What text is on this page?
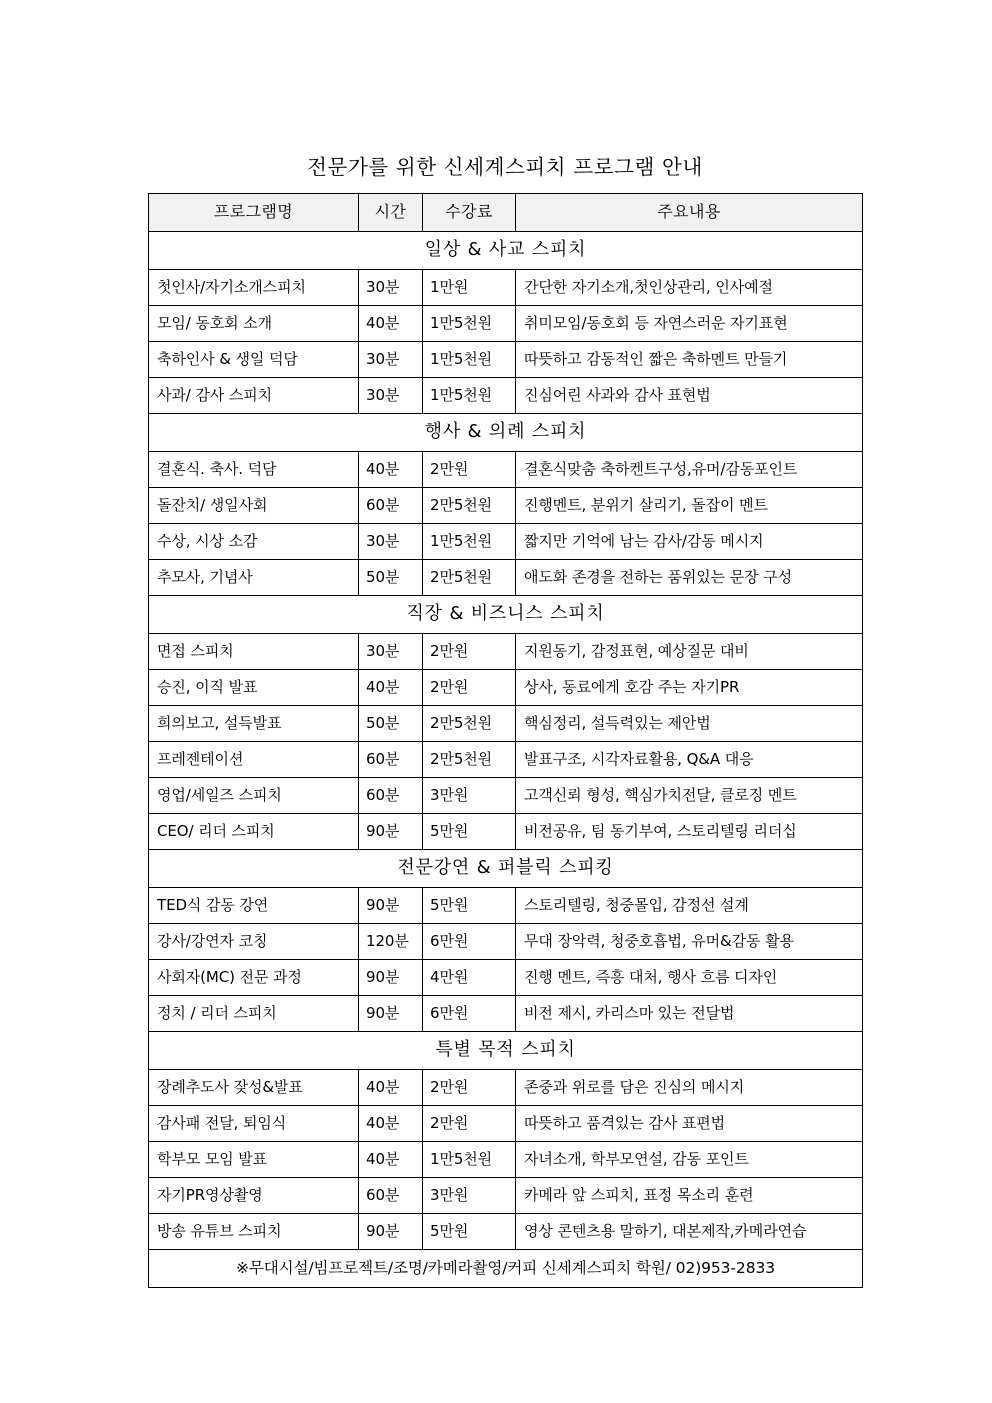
전문가를 위한 신세계스피치 프로그램 안내
프로그램명	시간	수강료	주요내용
일상 & 사교 스피치			
첫인사/자기소개스피치	30분	1만원	간단한 자기소개,첫인상관리, 인사예절
모임/ 동호회 소개	40분	1만5천원	취미모임/동호회 등 자연스러운 자기표현
축하인사 & 생일 덕담	30분	1만5천원	따뜻하고 감동적인 짧은 축하멘트 만들기
사과/ 감사 스피치	30분	1만5천원	진심어린 사과와 감사 표현법
행사 & 의례 스피치			
결혼식. 축사. 덕담	40분	2만원	결혼식맞춤 축하켄트구성,유머/감동포인트
돌잔치/ 생일사회	60분	2만5천원	진행멘트, 분위기 살리기, 돌잡이 멘트
수상, 시상 소감	30분	1만5천원	짧지만 기억에 남는 감사/감동 메시지
추모사, 기념사	50분	2만5천원	애도화 존경을 전하는 품위있는 문장 구성
직장 & 비즈니스 스피치			
면접 스피치	30분	2만원	지원동기, 감정표현, 예상질문 대비
승진, 이직 발표	40분	2만원	상사, 동료에게 호감 주는 자기PR
희의보고, 설득발표	50분	2만5천원	핵심정리, 설득력있는 제안법
프레젠테이션	60분	2만5천원	발표구조, 시각자료활용, Q&A 대응
영업/세일즈 스피치	60분	3만원	고객신뢰 형성, 핵심가치전달, 클로징 멘트
CEO/ 리더 스피치	90분	5만원	비전공유, 팀 동기부여, 스토리텔링 리더십
전문강연 & 퍼블릭 스피킹			
TED식 감동 강연	90분	5만원	스토리텔링, 청중몰입, 감정선 설계
강사/강연자 코칭	120분	6만원	무대 장악력, 청중호흡법, 유머&감동 활용
사회자(MC) 전문 과정	90분	4만원	진행 멘트, 즉흥 대처, 행사 흐름 디자인
정치 / 리더 스피치	90분	6만원	비전 제시, 카리스마 있는 전달법
특별 목적 스피치			
장례추도사 잦성&발표	40분	2만원	존중과 위로를 담은 진심의 메시지
감사패 전달, 퇴임식	40분	2만원	따뜻하고 품격있는 감사 표편법
학부모 모임 발표	40분	1만5천원	자녀소개, 학부모연설, 감동 포인트
자기PR영상촬영	60분	3만원	카메라 앞 스피치, 표정 목소리 훈련
방송 유튜브 스피치	90분	5만원	영상 콘텐츠용 말하기, 대본제작,카메라연습
※무대시설/빔프로젝트/조명/카메라촬영/커피 신세계스피치 학원/ 02)953-2833			
